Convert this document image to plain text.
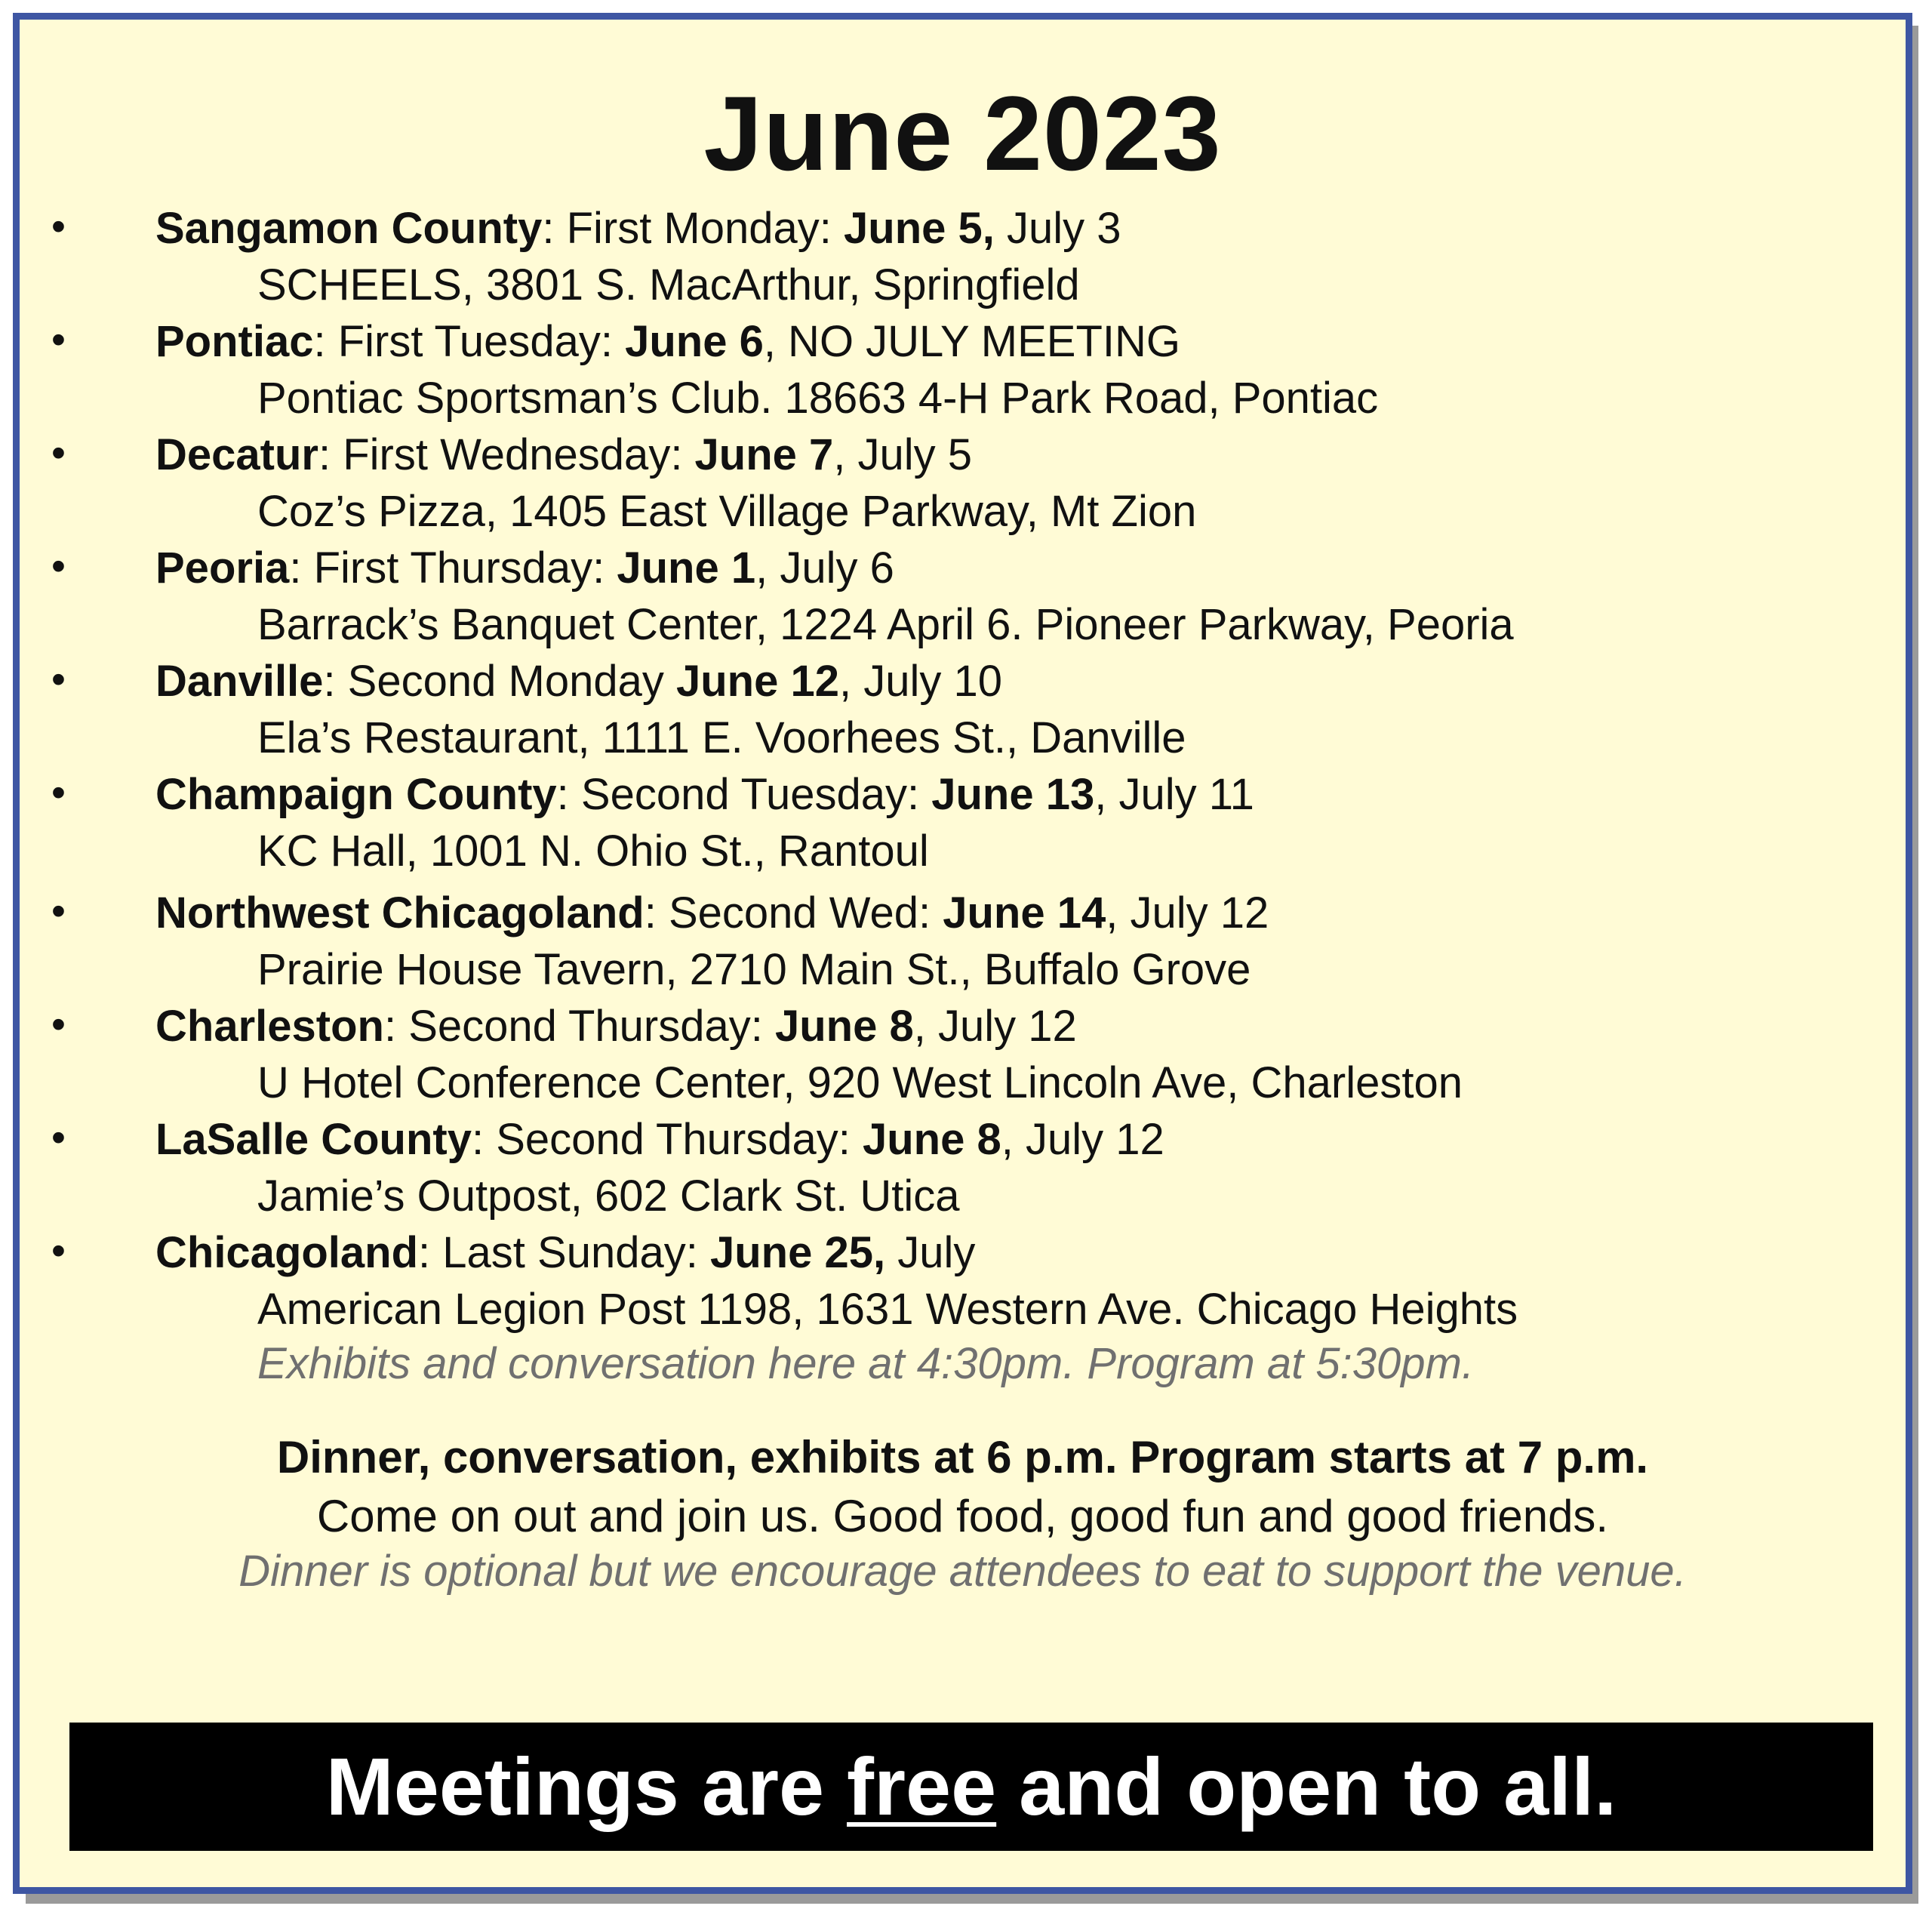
June 2023
• Sangamon County: First Monday: June 5, July 3
SCHEELS, 3801 S. MacArthur, Springfield
• Pontiac: First Tuesday: June 6, NO JULY MEETING
Pontiac Sportsman’s Club. 18663 4-H Park Road, Pontiac
• Decatur: First Wednesday: June 7, July 5
Coz’s Pizza, 1405 East Village Parkway, Mt Zion
• Peoria: First Thursday: June 1, July 6
Barrack’s Banquet Center, 1224 April 6. Pioneer Parkway, Peoria
• Danville: Second Monday June 12, July 10
Ela’s Restaurant, 1111 E. Voorhees St., Danville
• Champaign County: Second Tuesday: June 13, July 11
KC Hall, 1001 N. Ohio St., Rantoul
• Northwest Chicagoland: Second Wed: June 14, July 12
Prairie House Tavern, 2710 Main St., Buffalo Grove
• Charleston: Second Thursday: June 8, July 12
U Hotel Conference Center, 920 West Lincoln Ave, Charleston
• LaSalle County: Second Thursday: June 8, July 12
Jamie’s Outpost, 602 Clark St. Utica
• Chicagoland: Last Sunday: June 25, July
American Legion Post 1198, 1631 Western Ave. Chicago Heights
Exhibits and conversation here at 4:30pm. Program at 5:30pm.
Dinner, conversation, exhibits at 6 p.m. Program starts at 7 p.m.
Come on out and join us. Good food, good fun and good friends.
Dinner is optional but we encourage attendees to eat to support the venue.
Meetings are free and open to all.
